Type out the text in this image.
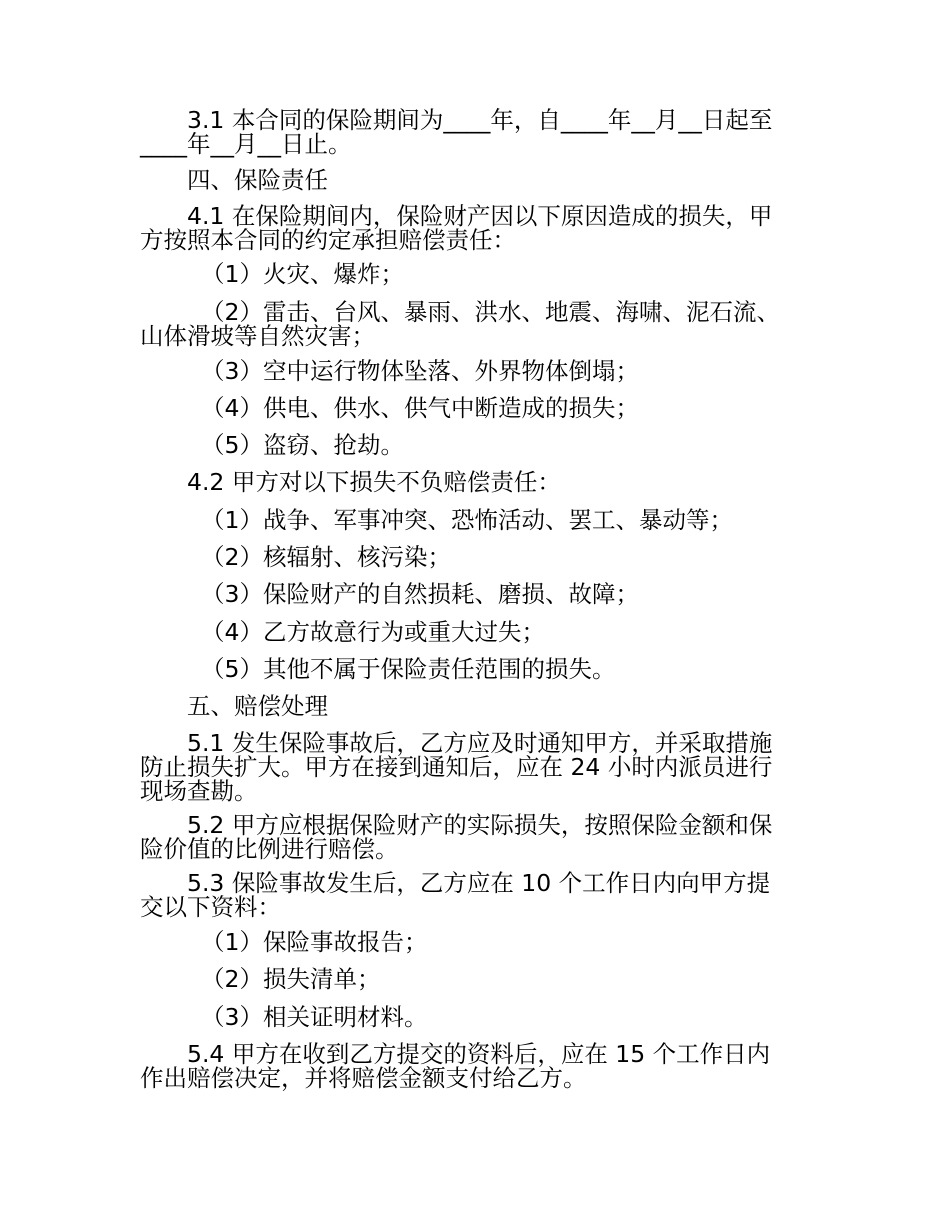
3.1 本合同的保险期间为____年，自____年__月__日起至
____年__月__日止。

四、保险责任

4.1 在保险期间内，保险财产因以下原因造成的损失，甲
方按照本合同的约定承担赔偿责任：

（1）火灾、爆炸；

（2）雷击、台风、暴雨、洪水、地震、海啸、泥石流、
山体滑坡等自然灾害；

（3）空中运行物体坠落、外界物体倒塌；

（4）供电、供水、供气中断造成的损失；

（5）盗窃、抢劫。

4.2 甲方对以下损失不负赔偿责任：

（1）战争、军事冲突、恐怖活动、罢工、暴动等；

（2）核辐射、核污染；

（3）保险财产的自然损耗、磨损、故障；

（4）乙方故意行为或重大过失；

（5）其他不属于保险责任范围的损失。

五、赔偿处理

5.1 发生保险事故后，乙方应及时通知甲方，并采取措施
防止损失扩大。甲方在接到通知后，应在 24 小时内派员进行
现场查勘。

5.2 甲方应根据保险财产的实际损失，按照保险金额和保
险价值的比例进行赔偿。

5.3 保险事故发生后，乙方应在 10 个工作日内向甲方提
交以下资料：

（1）保险事故报告；

（2）损失清单；

（3）相关证明材料。

5.4 甲方在收到乙方提交的资料后，应在 15 个工作日内
作出赔偿决定，并将赔偿金额支付给乙方。
